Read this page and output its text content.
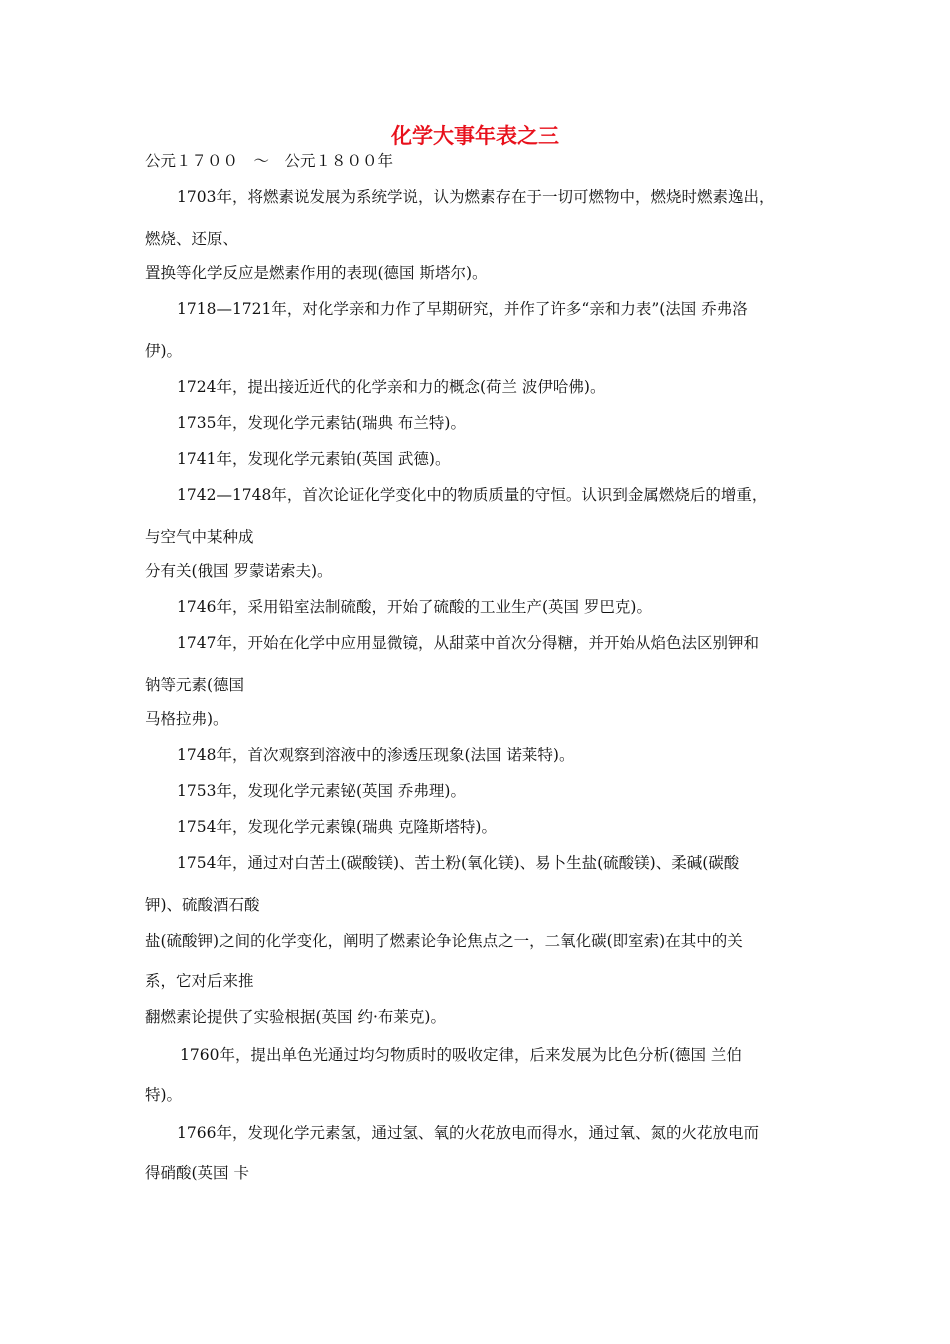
化学大事年表之三
公元１７００　～　公元１８００年
1703年，将燃素说发展为系统学说，认为燃素存在于一切可燃物中，燃烧时燃素逸出，
燃烧、还原、
置换等化学反应是燃素作用的表现(德国 斯塔尔)。
1718—1721年，对化学亲和力作了早期研究，并作了许多“亲和力表”(法国 乔弗洛
伊)。
1724年，提出接近近代的化学亲和力的概念(荷兰 波伊哈佛)。
1735年，发现化学元素钴(瑞典 布兰特)。
1741年，发现化学元素铂(英国 武德)。
1742—1748年，首次论证化学变化中的物质质量的守恒。认识到金属燃烧后的增重，
与空气中某种成
分有关(俄国 罗蒙诺索夫)。
1746年，采用铅室法制硫酸，开始了硫酸的工业生产(英国 罗巴克)。
1747年，开始在化学中应用显微镜，从甜菜中首次分得糖，并开始从焰色法区别钾和
钠等元素(德国
马格拉弗)。
1748年，首次观察到溶液中的渗透压现象(法国 诺莱特)。
1753年，发现化学元素铋(英国 乔弗理)。
1754年，发现化学元素镍(瑞典 克隆斯塔特)。
1754年，通过对白苦土(碳酸镁)、苦土粉(氧化镁)、易卜生盐(硫酸镁)、柔碱(碳酸
钾)、硫酸酒石酸
盐(硫酸钾)之间的化学变化，阐明了燃素论争论焦点之一，二氧化碳(即室索)在其中的关
系，它对后来推
翻燃素论提供了实验根据(英国 约·布莱克)。
1760年，提出单色光通过均匀物质时的吸收定律，后来发展为比色分析(德国 兰伯
特)。
1766年，发现化学元素氢，通过氢、氧的火花放电而得水，通过氧、氮的火花放电而
得硝酸(英国 卡
